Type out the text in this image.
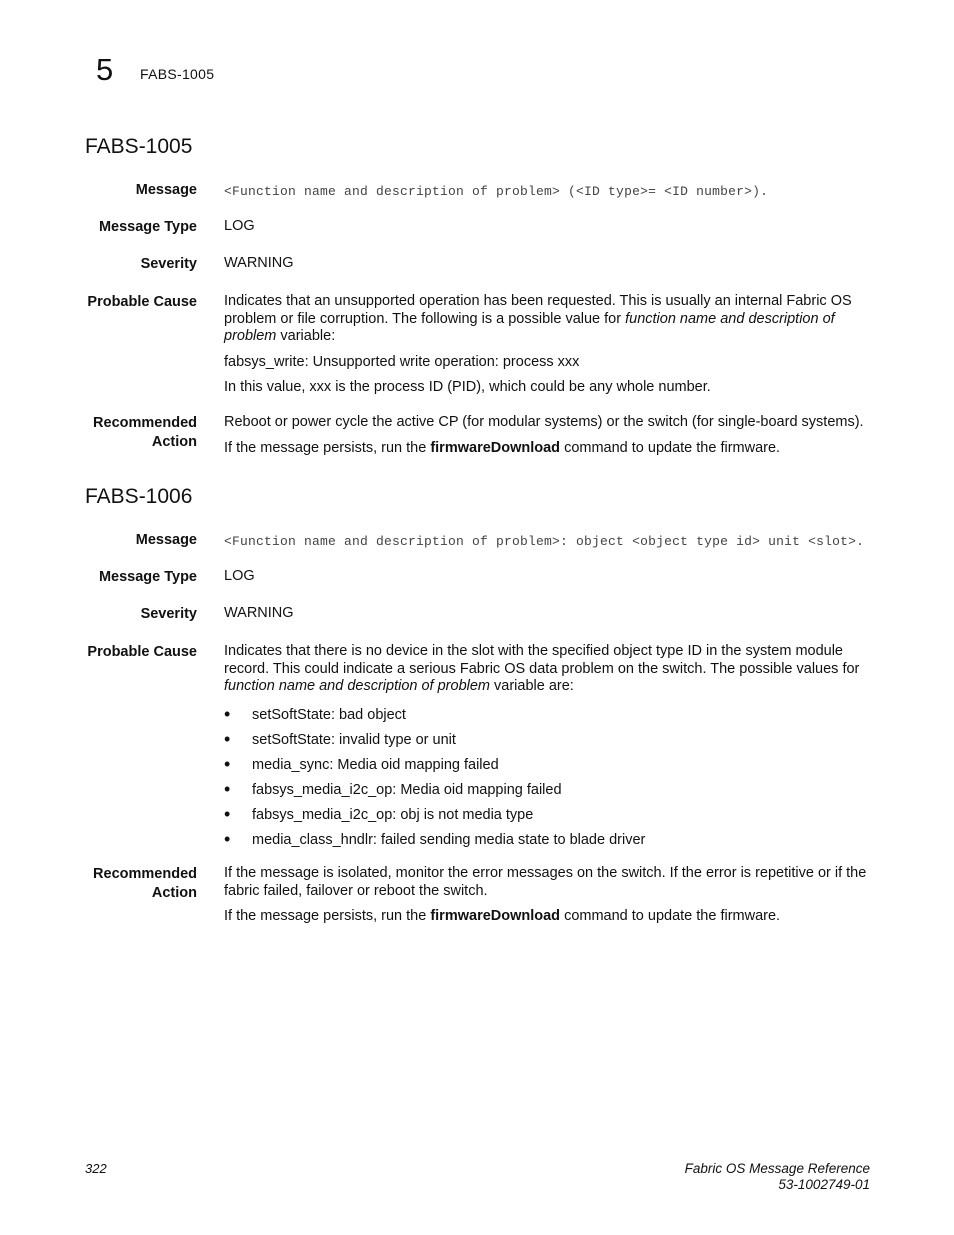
5 FABS-1005
FABS-1005
Message <Function name and description of problem> (<ID type>= <ID number>).
Message Type LOG
Severity WARNING
Probable Cause Indicates that an unsupported operation has been requested. This is usually an internal Fabric OS problem or file corruption. The following is a possible value for function name and description of problem variable:

fabsys_write: Unsupported write operation: process xxx

In this value, xxx is the process ID (PID), which could be any whole number.

Recommended
Action

Reboot or power cycle the active CP (for modular systems) or the switch (for single-board systems).

If the message persists, run the firmwareDownload command to update the firmware.

FABS-1006
Message <Function name and description of problem>: object <object type id> unit <slot>.
Message Type LOG
Severity WARNING
Probable Cause Indicates that there is no device in the slot with the specified object type ID in the system module record. This could indicate a serious Fabric OS data problem on the switch. The possible values for function name and description of problem variable are:

• setSoftState: bad object
• setSoftState: invalid type or unit
• media_sync: Media oid mapping failed
• fabsys_media_i2c_op: Media oid mapping failed
• fabsys_media_i2c_op: obj is not media type
• media_class_hndlr: failed sending media state to blade driver
Recommended
Action

If the message is isolated, monitor the error messages on the switch. If the error is repetitive or if the fabric failed, failover or reboot the switch.

If the message persists, run the firmwareDownload command to update the firmware.

322	Fabric OS Message Reference
53-1002749-01
